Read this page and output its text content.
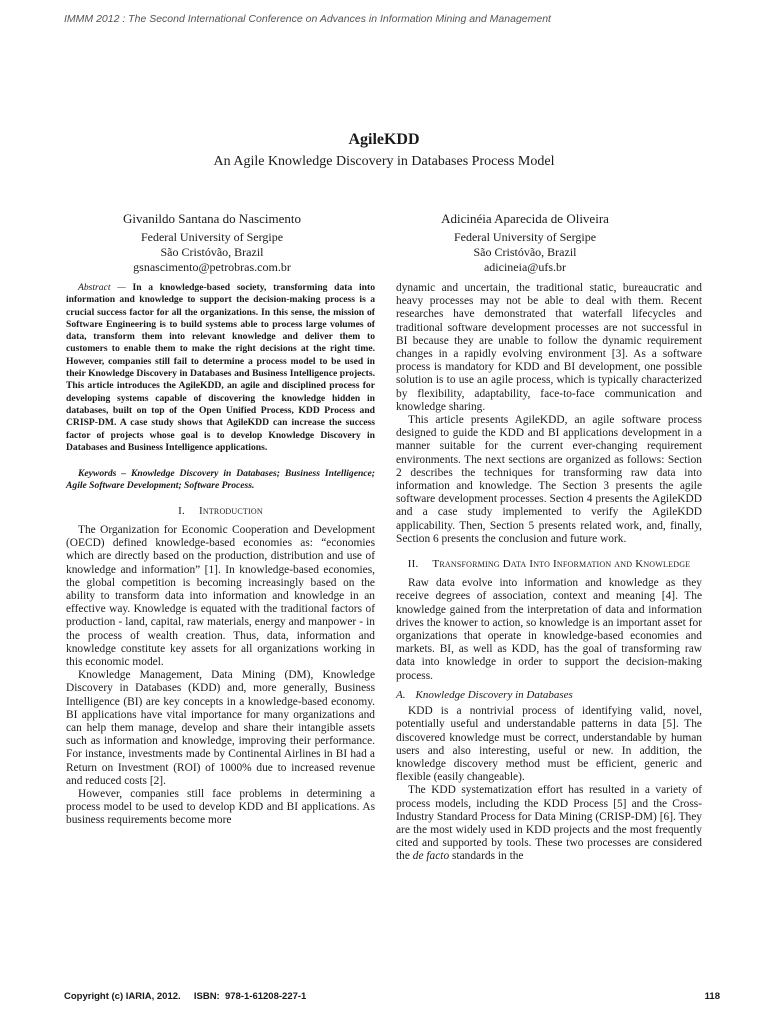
IMMM 2012 : The Second International Conference on Advances in Information Mining and Management
AgileKDD
An Agile Knowledge Discovery in Databases Process Model
Givanildo Santana do Nascimento
Federal University of Sergipe
São Cristóvão, Brazil
gsnascimento@petrobras.com.br
Adicinéia Aparecida de Oliveira
Federal University of Sergipe
São Cristóvão, Brazil
adicineia@ufs.br

Abstract — In a knowledge-based society, transforming data into information and knowledge to support the decision-making process is a crucial success factor for all the organizations. In this sense, the mission of Software Engineering is to build systems able to process large volumes of data, transform them into relevant knowledge and deliver them to customers to enable them to make the right decisions at the right time. However, companies still fail to determine a process model to be used in their Knowledge Discovery in Databases and Business Intelligence projects. This article introduces the AgileKDD, an agile and disciplined process for developing systems capable of discovering the knowledge hidden in databases, built on top of the Open Unified Process, KDD Process and CRISP-DM. A case study shows that AgileKDD can increase the success factor of projects whose goal is to develop Knowledge Discovery in Databases and Business Intelligence applications.

Keywords – Knowledge Discovery in Databases; Business Intelligence; Agile Software Development; Software Process.

I. Introduction

The Organization for Economic Cooperation and Development (OECD) defined knowledge-based economies as: “economies which are directly based on the production, distribution and use of knowledge and information” [1]. In knowledge-based economies, the global competition is becoming increasingly based on the ability to transform data into information and knowledge in an effective way. Knowledge is equated with the traditional factors of production - land, capital, raw materials, energy and manpower - in the process of wealth creation. Thus, data, information and knowledge constitute key assets for all organizations working in this economic model.

Knowledge Management, Data Mining (DM), Knowledge Discovery in Databases (KDD) and, more generally, Business Intelligence (BI) are key concepts in a knowledge-based economy. BI applications have vital importance for many organizations and can help them manage, develop and share their intangible assets such as information and knowledge, improving their performance. For instance, investments made by Continental Airlines in BI had a Return on Investment (ROI) of 1000% due to increased revenue and reduced costs [2].

However, companies still face problems in determining a process model to be used to develop KDD and BI applications. As business requirements become more

dynamic and uncertain, the traditional static, bureaucratic and heavy processes may not be able to deal with them. Recent researches have demonstrated that waterfall lifecycles and traditional software development processes are not successful in BI because they are unable to follow the dynamic requirement changes in a rapidly evolving environment [3]. As a software process is mandatory for KDD and BI development, one possible solution is to use an agile process, which is typically characterized by flexibility, adaptability, face-to-face communication and knowledge sharing.

This article presents AgileKDD, an agile software process designed to guide the KDD and BI applications development in a manner suitable for the current ever-changing requirement environments. The next sections are organized as follows: Section 2 describes the techniques for transforming raw data into information and knowledge. The Section 3 presents the agile software development processes. Section 4 presents the AgileKDD and a case study implemented to verify the AgileKDD applicability. Then, Section 5 presents related work, and, finally, Section 6 presents the conclusion and future work.

II. Transforming Data Into Information and Knowledge

Raw data evolve into information and knowledge as they receive degrees of association, context and meaning [4]. The knowledge gained from the interpretation of data and information drives the knower to action, so knowledge is an important asset for organizations that operate in knowledge-based economies and markets. BI, as well as KDD, has the goal of transforming raw data into knowledge in order to support the decision-making process.

A. Knowledge Discovery in Databases

KDD is a nontrivial process of identifying valid, novel, potentially useful and understandable patterns in data [5]. The discovered knowledge must be correct, understandable by human users and also interesting, useful or new. In addition, the knowledge discovery method must be efficient, generic and flexible (easily changeable).

The KDD systematization effort has resulted in a variety of process models, including the KDD Process [5] and the Cross-Industry Standard Process for Data Mining (CRISP-DM) [6]. They are the most widely used in KDD projects and the most frequently cited and supported by tools. These two processes are considered the de facto standards in the

Copyright (c) IARIA, 2012.     ISBN:  978-1-61208-227-1	118
